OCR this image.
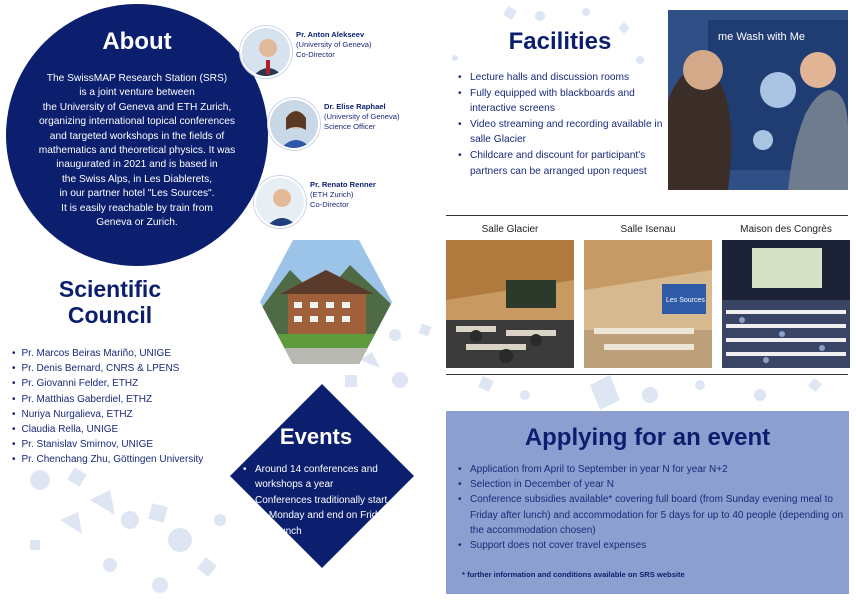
About
The SwissMAP Research Station (SRS)
is a joint venture between
the University of Geneva and ETH Zurich,
organizing international topical conferences
and targeted workshops in the fields of
mathematics and theoretical physics. It was
inaugurated in 2021 and is based in
the Swiss Alps, in Les Diablerets,
in our partner hotel "Les Sources".
It is easily reachable by train from
Geneva or Zurich.
Pr. Anton Alekseev
(University of Geneva)
Co-Director
Dr. Elise Raphael
(University of Geneva)
Science Officer
Pr. Renato Renner
(ETH Zurich)
Co-Director
Scientific Council
• Pr. Marcos Beiras Mariño, UNIGE
• Pr. Denis Bernard, CNRS & LPENS
• Pr. Giovanni Felder, ETHZ
• Pr. Matthias Gaberdiel, ETHZ
• Nuriya Nurgalieva, ETHZ
• Claudia Rella, UNIGE
• Pr. Stanislav Smirnov, UNIGE
• Pr. Chenchang Zhu, Göttingen University
Events
• Around 14 conferences and workshops a year
• Conferences traditionally start on Monday and end on Friday after lunch
Facilities
• Lecture halls and discussion rooms
• Fully equipped with blackboards and interactive screens
• Video streaming and recording available in salle Glacier
• Childcare and discount for participant's partners can be arranged upon request
me Wash with Me
Salle Glacier	Salle Isenau	Maison des Congrès
Les Sources
Applying for an event
• Application from April to September in year N for year N+2
• Selection in December of year N
• Conference subsidies available* covering full board (from Sunday evening meal to Friday after lunch) and accommodation for 5 days for up to 40 people (depending on the accommodation chosen)
• Support does not cover travel expenses
* further information and conditions available on SRS website
